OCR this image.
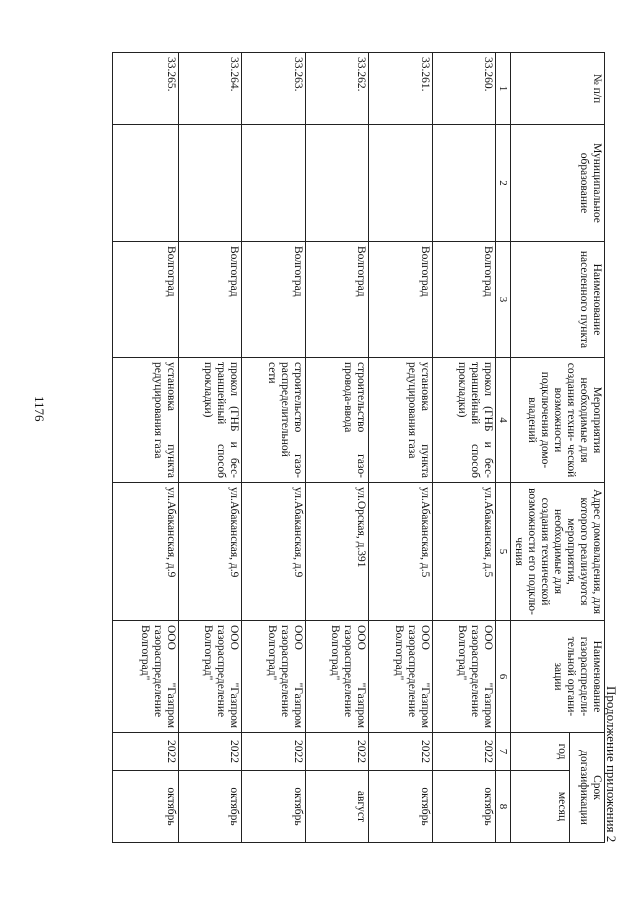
1176
Продолжение приложения 2
№ п/п	Муниципальное образование	Наименование населенного пункта	Мероприятия необходимые для создания техни- ческой возможности подключения домо- владений	Адрес домовладения, для которого реализуются мероприятия, необходимые для создания технической возможности его подклю- чения	Наименование газораспредели- тельной органи- зации	Срок догазификации	
						год	месяц
1	2	3	4	5	6	7	8
33.260.		Волгоград	прокол (ГНБ и бес- траншейный способ прокладки)	ул.Абаканская, д.5	ООО "Газпром газораспределение Волгоград"	2022	октябрь
33.261.		Волгоград	установка пункта редуцирования газа	ул.Абаканская, д.5	ООО "Газпром газораспределение Волгоград"	2022	октябрь
33.262.		Волгоград	строительство газо- провода-ввода	ул.Орская, д.391	ООО "Газпром газораспределение Волгоград"	2022	август
33.263.		Волгоград	строительство газо- распределительной сети	ул.Абаканская, д.9	ООО "Газпром газораспределение Волгоград"	2022	октябрь
33.264.		Волгоград	прокол (ГНБ и бес- траншейный способ прокладки)	ул.Абаканская, д.9	ООО "Газпром газораспределение Волгоград"	2022	октябрь
33.265.		Волгоград	установка пункта редуцирования газа	ул.Абаканская, д.9	ООО "Газпром газораспределение Волгоград"	2022	октябрь
